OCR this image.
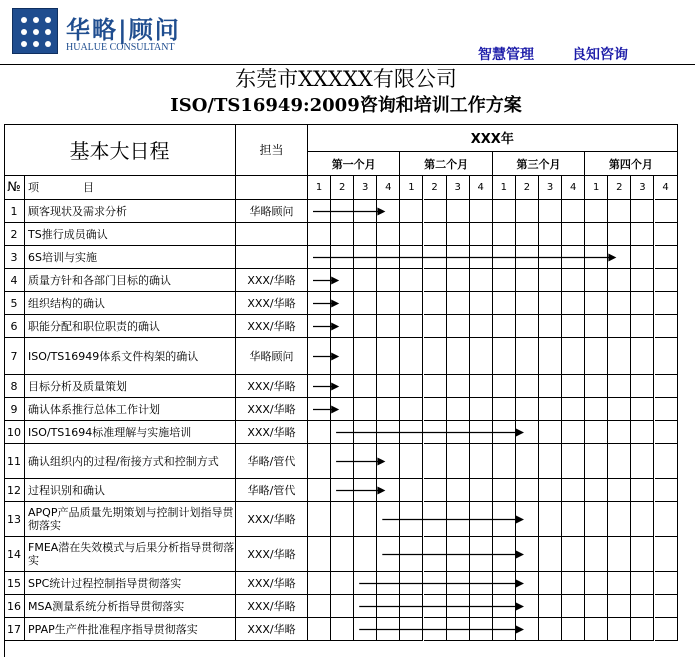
华略|顾问
HUALUE CONSULTANT	智慧管理	良知咨询
东莞市XXXXX有限公司
ISO/TS16949:2009咨询和培训工作方案
基本大日程	担当
XXX年
第一个月	第二个月	第三个月	第四个月
№ 项　　　　目	1 2 3 4 1 2 3 4 1 2 3 4 1 2 3 4
1 顾客现状及需求分析	华略顾问
2 TS推行成员确认
3 6S培训与实施
4 质量方针和各部门目标的确认	XXX/华略
5 组织结构的确认	XXX/华略
6 职能分配和职位职责的确认	XXX/华略
7 ISO/TS16949体系文件构架的确认	华略顾问
8 目标分析及质量策划	XXX/华略
9 确认体系推行总体工作计划	XXX/华略
10 ISO/TS1694标准理解与实施培训	XXX/华略
11 确认组织内的过程/衔接方式和控制方式	华略/管代
12 过程识别和确认	华略/管代
13 APQP产品质量先期策划与控制计划指导贯彻落实	XXX/华略
14 FMEA潜在失效模式与后果分析指导贯彻落实	XXX/华略
15 SPC统计过程控制指导贯彻落实	XXX/华略
16 MSA测量系统分析指导贯彻落实	XXX/华略
17 PPAP生产件批准程序指导贯彻落实	XXX/华略
